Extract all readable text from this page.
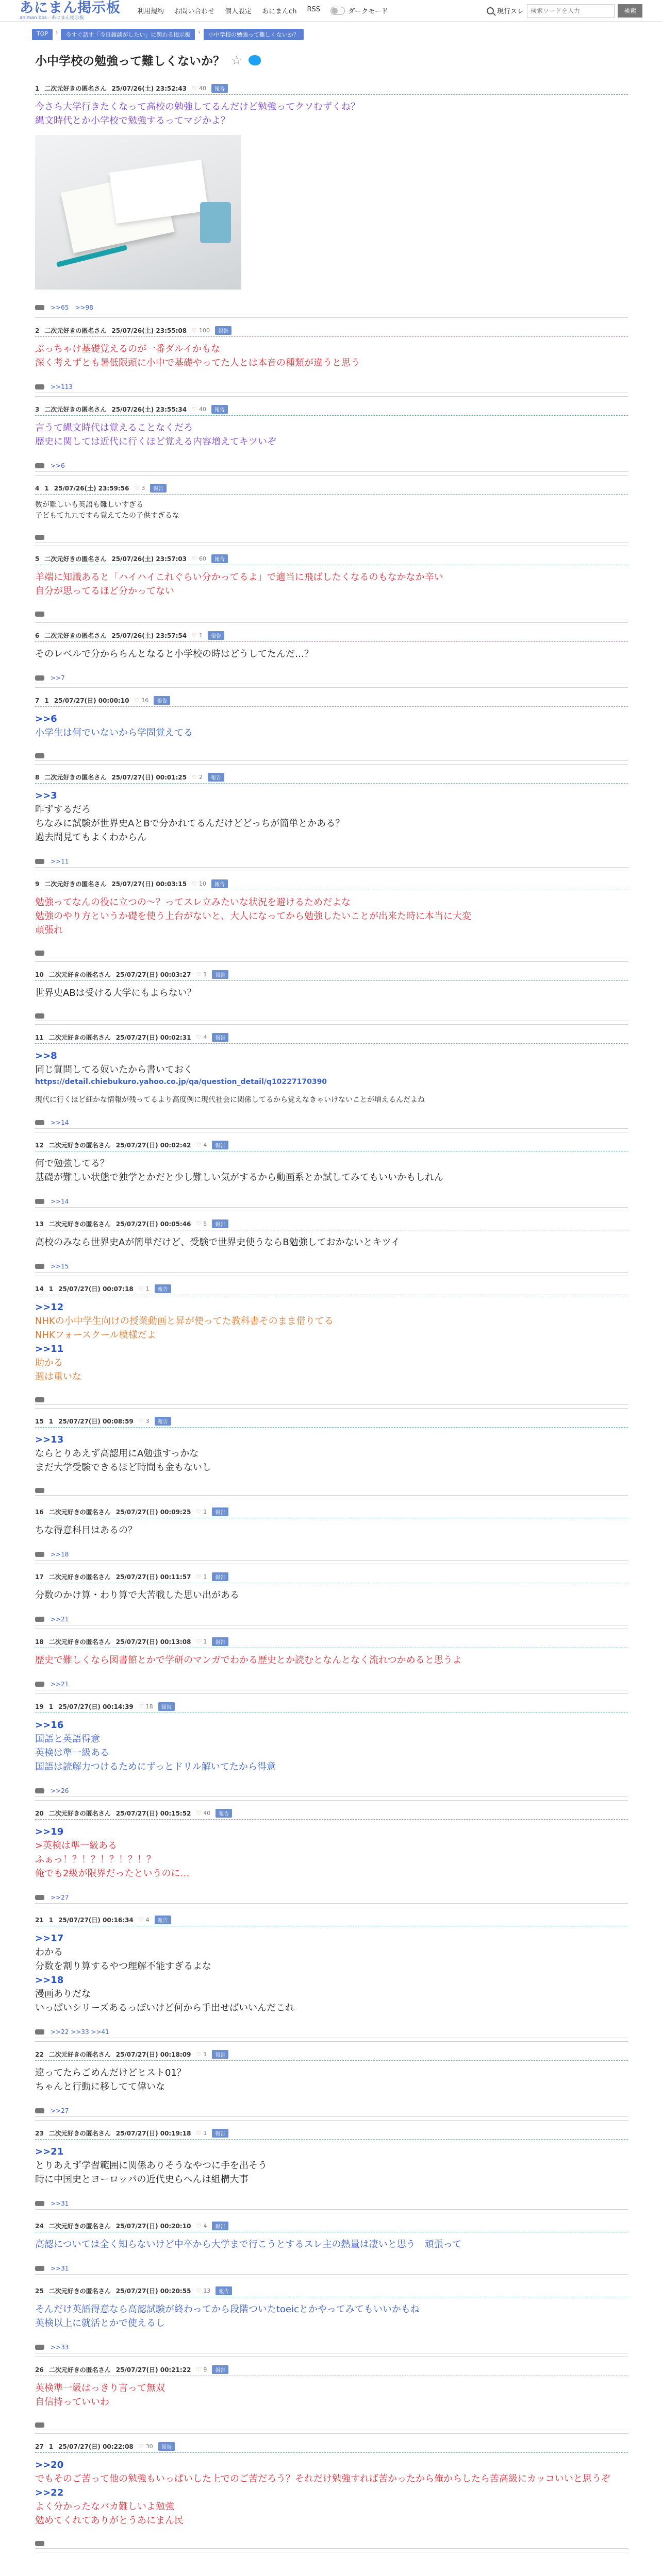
あにまん掲示板
animan bbs - あにまん掲示板
利用規約 お問い合わせ 個人設定 あにまんch RSS	ダークモード	現行スレ
検索ワードを入力	検索
TOP	›	今すぐ話す「今日雑談がしたい」に関わる掲示板	›	小中学校の勉強って難しくないか？
小中学校の勉強って難しくないか？ ☆
1 二次元好きの匿名さん 25/07/26(土) 23:52:43 ♡ 40	報告
今さら大学行きたくなって高校の勉強してるんだけど勉強ってクソむずくね？
縄文時代とか小学校で勉強するってマジかよ？
>>65　>>98
2 二次元好きの匿名さん 25/07/26(土) 23:55:08 ♡ 100	報告
ぶっちゃけ基礎覚えるのが一番ダルイかもな
深く考えずとも暑低限頭に小中で基礎やってた人とは本音の種類が違うと思う
>>113
3 二次元好きの匿名さん 25/07/26(土) 23:55:34 ♡ 40	報告
言うて縄文時代は覚えることなくだろ
歴史に関しては近代に行くほど覚える内容増えてキツいぞ
>>6
4 1 25/07/26(土) 23:59:56 ♡ 3	報告
数が難しいも英語も難しいすぎる
子どもて九九ですら覚えてたの子供すぎるな
5 二次元好きの匿名さん 25/07/26(土) 23:57:03 ♡ 60	報告
羊端に知識あると「ハイハイこれぐらい分かってるよ」で適当に飛ばしたくなるのもなかなか辛い
自分が思ってるほど分かってない
6 二次元好きの匿名さん 25/07/26(土) 23:57:54 ♡ 1	報告
そのレベルで分かららんとなると小学校の時はどうしてたんだ…？
>>7
7 1 25/07/27(日) 00:00:10 ♡ 16	報告
>>6
小学生は何でいないから学問覚えてる
8 二次元好きの匿名さん 25/07/27(日) 00:01:25 ♡ 2	報告
>>3
昨ずするだろ
ちなみに試験が世界史AとBで分かれてるんだけどどっちが簡単とかある？
過去問見てもよくわからん
>>11
9 二次元好きの匿名さん 25/07/27(日) 00:03:15 ♡ 10	報告
勉強ってなんの役に立つの～？ってスレ立みたいな状況を避けるためだよな
勉強のやり方というか礎を使う上台がないと、大人になってから勉強したいことが出来た時に本当に大変
頑張れ
10 二次元好きの匿名さん 25/07/27(日) 00:03:27 ♡ 1	報告
世界史ABは受ける大学にもよらない？
11 二次元好きの匿名さん 25/07/27(日) 00:02:31 ♡ 4	報告
>>8
同じ質問してる奴いたから書いておく
https://detail.chiebukuro.yahoo.co.jp/qa/question_detail/q10227170390
現代に行くほど細かな情報が残ってるより高度例に現代社会に関係してるから覚えなきゃいけないことが増えるんだよね
>>14
12 二次元好きの匿名さん 25/07/27(日) 00:02:42 ♡ 4	報告
何で勉強してる？
基礎が難しい状態で独学とかだと少し難しい気がするから動画系とか試してみてもいいかもしれん
>>14
13 二次元好きの匿名さん 25/07/27(日) 00:05:46 ♡ 5	報告
高校のみなら世界史Aが簡単だけど、受験で世界史使うならB勉強しておかないとキツイ
>>15
14 1 25/07/27(日) 00:07:18 ♡ 1	報告
>>12
NHKの小中学生向けの授業動画と昇が使ってた教科書そのまま借りてる
NHKフォースクール模様だよ
>>11
助かる
週は重いな
15 1 25/07/27(日) 00:08:59 ♡ 3	報告
>>13
ならとりあえず高認用にA勉強すっかな
まだ大学受験できるほど時間も金もないし
16 二次元好きの匿名さん 25/07/27(日) 00:09:25 ♡ 1	報告
ちな得意科目はあるの？
>>18
17 二次元好きの匿名さん 25/07/27(日) 00:11:57 ♡ 1	報告
分数のかけ算・わり算で大苦戦した思い出がある
>>21
18 二次元好きの匿名さん 25/07/27(日) 00:13:08 ♡ 1	報告
歴史で難しくなら図書館とかで学研のマンガでわかる歴史とか読むとなんとなく流れつかめると思うよ
>>21
19 1 25/07/27(日) 00:14:39 ♡ 18	報告
>>16
国語と英語得意
英検は準一級ある
国語は読解力つけるためにずっとドリル解いてたから得意
>>26
20 二次元好きの匿名さん 25/07/27(日) 00:15:52 ♡ 40	報告
>>19
>英検は準一級ある
ふぁっ！？！？！？！？！？
俺でも2級が限界だったというのに…
>>27
21 1 25/07/27(日) 00:16:34 ♡ 4	報告
>>17
わかる
分数を割り算するやつ理解不能すぎるよな
>>18
漫画ありだな
いっぱいシリーズあるっぽいけど何から手出せばいいんだこれ
>>22 >>33 >>41
22 二次元好きの匿名さん 25/07/27(日) 00:18:09 ♡ 1	報告
違ってたらごめんだけどヒスト01？
ちゃんと行動に移してて偉いな
>>27
23 二次元好きの匿名さん 25/07/27(日) 00:19:18 ♡ 1	報告
>>21
とりあえず学習範囲に関係ありそうなやつに手を出そう
時に中国史とヨーロッパの近代史らへんは組構大事
>>31
24 二次元好きの匿名さん 25/07/27(日) 00:20:10 ♡ 4	報告
高認については全く知らないけど中卒から大学まで行こうとするスレ主の熱量は凄いと思う　頑張って
>>31
25 二次元好きの匿名さん 25/07/27(日) 00:20:55 ♡ 13	報告
そんだけ英語得意なら高認試験が終わってから段階ついたtoeicとかやってみてもいいかもね
英検以上に就活とかで使えるし
>>33
26 二次元好きの匿名さん 25/07/27(日) 00:21:22 ♡ 9	報告
英検準一級はっきり言って無双
自信持っていいわ
27 1 25/07/27(日) 00:22:08 ♡ 30	報告
>>20
でもそのご苦って他の勉強もいっぱいした上でのご苦だろう？それだけ勉強すれば苦かったから俺からしたら苦高級にカッコいいと思うぞ
>>22
よく分かったなバカ難しいよ勉強
勉めてくれてありがとうあにまん民
